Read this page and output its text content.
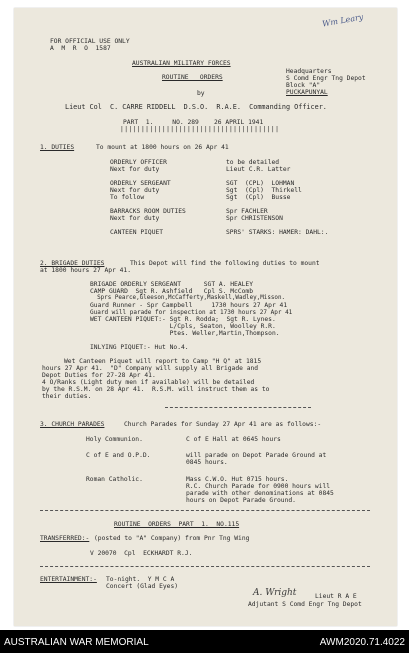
FOR OFFICIAL USE ONLY
A  M  R  O  1587
Wm Leary
AUSTRALIAN MILITARY FORCES
ROUTINE   ORDERS
by
Headquarters
S Comd Engr Tng Depot
Block "A"
PUCKAPUNYAL
Lieut Col  C. CARRE RIDDELL  D.S.O.  R.A.E.  Commanding Officer.
PART  1.     NO. 289    26 APRIL 1941
||||||||||||||||||||||||||||||||||||||
1. DUTIES	To mount at 1800 hours on 26 Apr 41
ORDERLY OFFICER	to be detailed
Next for duty	Lieut C.R. Latter
ORDERLY SERGEANT	SGT  (CPL)  LOHMAN
Next for duty	Sgt  (Cpl)  Thirkell
To follow	Sgt  (Cpl)  Busse
BARRACKS ROOM DUTIES	Spr FACHLER
Next for duty	Spr CHRISTENSON
CANTEEN PIQUET	SPRS' STARKS: HAMER: DAHL:.
2. BRIGADE DUTIES	This Depot will find the following duties to mount
at 1800 hours 27 Apr 41.
BRIGADE ORDERLY SERGEANT      SGT A. HEALEY
CAMP GUARD  Sgt R. Ashfield   Cpl S. McComb
Sprs Pearce,Gleeson,McCafferty,Maskell,Wadley,Misson.
Guard Runner - Spr Campbell     1730 hours 27 Apr 41
Guard will parade for inspection at 1730 hours 27 Apr 41
WET CANTEEN PIQUET:- Sgt R. Rodda;  Sgt R. Lynes.
L/Cpls, Seaton, Woolley R.R.
Ptes. Weller,Martin,Thompson.
INLYING PIQUET:- Hut No.4.
Wet Canteen Piquet will report to Camp "H Q" at 1815
hours 27 Apr 41.  "D" Company will supply all Brigade and
Depot Duties for 27-28 Apr 41.
4 O/Ranks (Light duty men if available) will be detailed
by the R.S.M. on 28 Apr 41.  R.S.M. will instruct them as to
their duties.
3. CHURCH PARADES	Church Parades for Sunday 27 Apr 41 are as follows:-
Holy Communion.	C of E Hall at 0645 hours
C of E and O.P.D.	will parade on Depot Parade Ground at
0845 hours.
Roman Catholic.	Mass C.W.O. Hut 0715 hours.
R.C. Church Parade for 0900 hours will
parade with other denominations at 0845
hours on Depot Parade Ground.
ROUTINE  ORDERS  PART  1.  NO.115
TRANSFERRED:- (posted to "A" Company) from Pnr Tng Wing
V 20070  Cpl  ECKHARDT R.J.
ENTERTAINMENT:- To-night.  Y M C A
Concert (Glad Eyes)
A. Wright	Lieut R A E
Adjutant S Comd Engr Tng Depot
AUSTRALIAN WAR MEMORIAL	AWM2020.71.4022
